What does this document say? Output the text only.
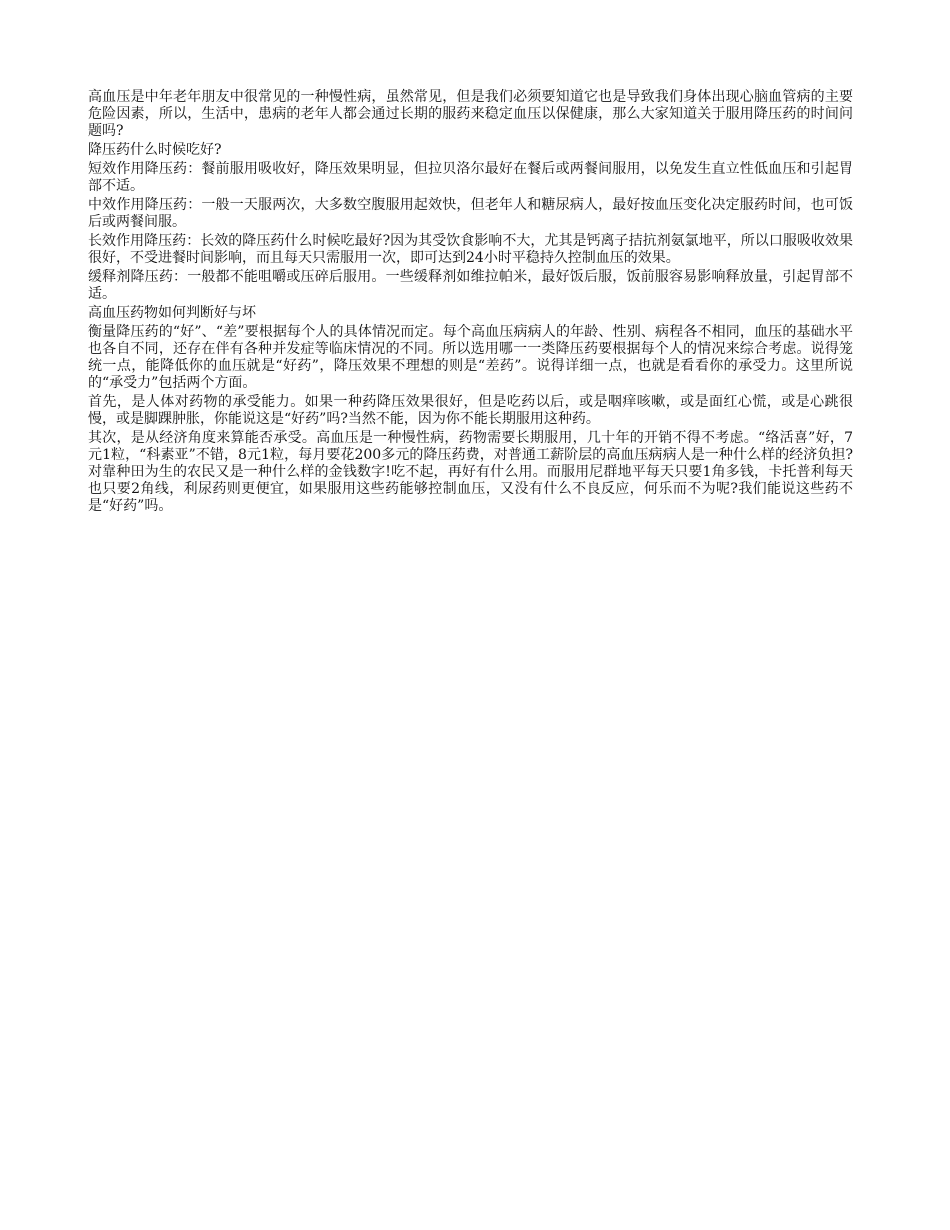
高血压是中年老年朋友中很常见的一种慢性病，虽然常见，但是我们必须要知道它也是导致我们身体出现心脑血管病的主要危险因素，所以，生活中，患病的老年人都会通过长期的服药来稳定血压以保健康，那么大家知道关于服用降压药的时间问题吗?

降压药什么时候吃好?

短效作用降压药：餐前服用吸收好，降压效果明显，但拉贝洛尔最好在餐后或两餐间服用，以免发生直立性低血压和引起胃部不适。

中效作用降压药：一般一天服两次，大多数空腹服用起效快，但老年人和糖尿病人，最好按血压变化决定服药时间，也可饭后或两餐间服。

长效作用降压药：长效的降压药什么时候吃最好?因为其受饮食影响不大，尤其是钙离子拮抗剂氨氯地平，所以口服吸收效果很好，不受进餐时间影响，而且每天只需服用一次，即可达到24小时平稳持久控制血压的效果。

缓释剂降压药：一般都不能咀嚼或压碎后服用。一些缓释剂如维拉帕米，最好饭后服，饭前服容易影响释放量，引起胃部不适。

高血压药物如何判断好与坏

衡量降压药的“好”、“差”要根据每个人的具体情况而定。每个高血压病病人的年龄、性别、病程各不相同，血压的基础水平也各自不同，还存在伴有各种并发症等临床情况的不同。所以选用哪一一类降压药要根据每个人的情况来综合考虑。说得笼统一点，能降低你的血压就是“好药”，降压效果不理想的则是“差药”。说得详细一点，也就是看看你的承受力。这里所说的“承受力”包括两个方面。

首先，是人体对药物的承受能力。如果一种药降压效果很好，但是吃药以后，或是咽痒咳嗽，或是面红心慌，或是心跳很慢，或是脚踝肿胀，你能说这是“好药”吗?当然不能，因为你不能长期服用这种药。

其次，是从经济角度来算能否承受。高血压是一种慢性病，药物需要长期服用，几十年的开销不得不考虑。“络活喜”好，7元1粒，“科素亚”不错，8元1粒，每月要花200多元的降压药费，对普通工薪阶层的高血压病病人是一种什么样的经济负担?对靠种田为生的农民又是一种什么样的金钱数字!吃不起，再好有什么用。而服用尼群地平每天只要1角多钱，卡托普利每天也只要2角线，利尿药则更便宜，如果服用这些药能够控制血压，又没有什么不良反应，何乐而不为呢?我们能说这些药不是“好药”吗。
